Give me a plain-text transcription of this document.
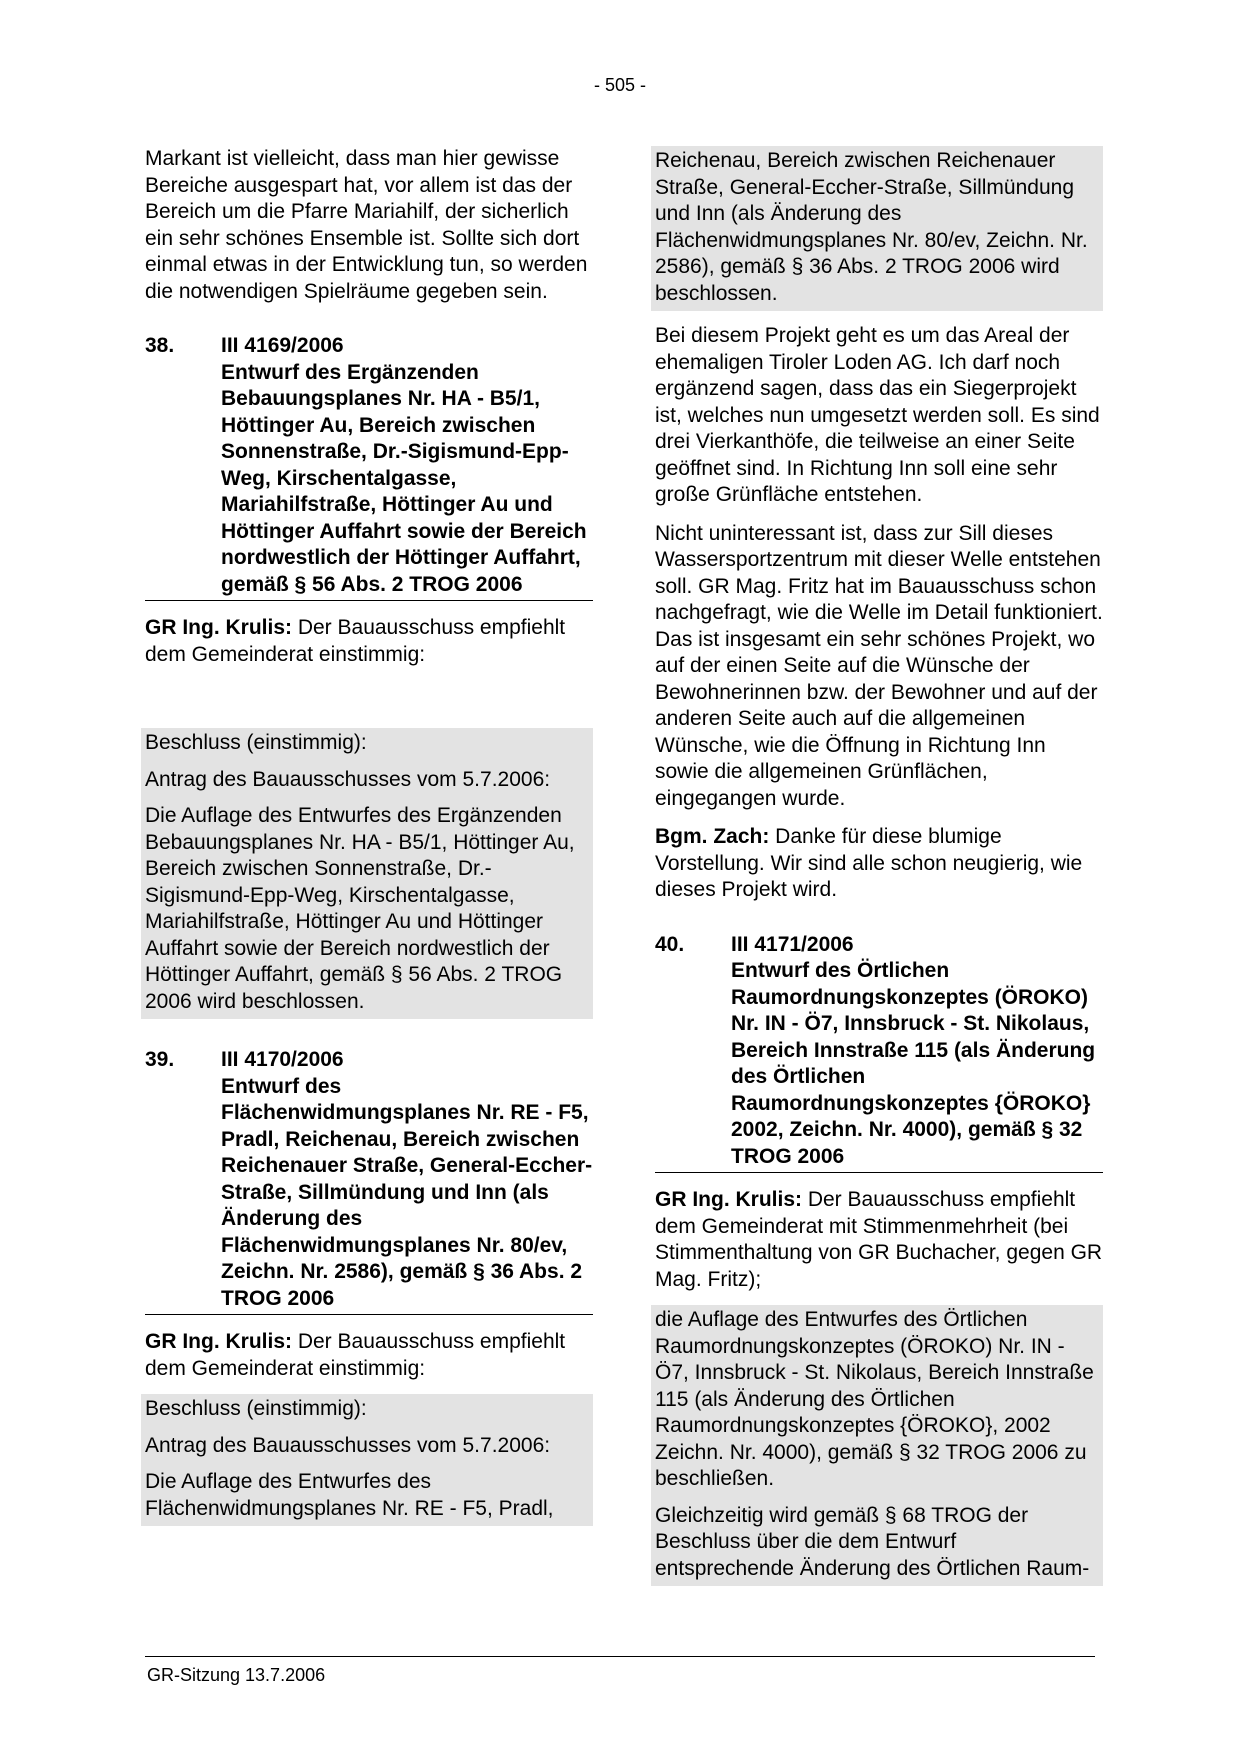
- 505 -

Markant ist vielleicht, dass man hier gewisse Bereiche ausgespart hat, vor allem ist das der Bereich um die Pfarre Mariahilf, der sicherlich ein sehr schönes Ensemble ist. Sollte sich dort einmal etwas in der Entwicklung tun, so werden die notwendigen Spielräume gegeben sein.

38.	III 4169/2006
Entwurf des Ergänzenden Bebauungsplanes Nr. HA - B5/1, Höttinger Au, Bereich zwischen Sonnenstraße, Dr.-Sigismund-Epp-Weg, Kirschentalgasse, Mariahilfstraße, Höttinger Au und Höttinger Auffahrt sowie der Bereich nordwestlich der Höttinger Auffahrt, gemäß § 56 Abs. 2 TROG 2006

GR Ing. Krulis: Der Bauausschuss empfiehlt dem Gemeinderat einstimmig:

Beschluss (einstimmig):

Antrag des Bauausschusses vom 5.7.2006:

Die Auflage des Entwurfes des Ergänzenden Bebauungsplanes Nr. HA - B5/1, Höttinger Au, Bereich zwischen Sonnenstraße, Dr.-Sigismund-Epp-Weg, Kirschentalgasse, Mariahilfstraße, Höttinger Au und Höttinger Auffahrt sowie der Bereich nordwestlich der Höttinger Auffahrt, gemäß § 56 Abs. 2 TROG 2006 wird beschlossen.

39.	III 4170/2006
Entwurf des Flächenwidmungsplanes Nr. RE - F5, Pradl, Reichenau, Bereich zwischen Reichenauer Straße, General-Eccher-Straße, Sillmündung und Inn (als Änderung des Flächenwidmungsplanes Nr. 80/ev, Zeichn. Nr. 2586), gemäß § 36 Abs. 2 TROG 2006

GR Ing. Krulis: Der Bauausschuss empfiehlt dem Gemeinderat einstimmig:

Beschluss (einstimmig):

Antrag des Bauausschusses vom 5.7.2006:

Die Auflage des Entwurfes des Flächenwidmungsplanes Nr. RE - F5, Pradl,

Reichenau, Bereich zwischen Reichenauer Straße, General-Eccher-Straße, Sillmündung und Inn (als Änderung des Flächenwidmungsplanes Nr. 80/ev, Zeichn. Nr. 2586), gemäß § 36 Abs. 2 TROG 2006 wird beschlossen.

Bei diesem Projekt geht es um das Areal der ehemaligen Tiroler Loden AG. Ich darf noch ergänzend sagen, dass das ein Siegerprojekt ist, welches nun umgesetzt werden soll. Es sind drei Vierkanthöfe, die teilweise an einer Seite geöffnet sind. In Richtung Inn soll eine sehr große Grünfläche entstehen.

Nicht uninteressant ist, dass zur Sill dieses Wassersportzentrum mit dieser Welle entstehen soll. GR Mag. Fritz hat im Bauausschuss schon nachgefragt, wie die Welle im Detail funktioniert. Das ist insgesamt ein sehr schönes Projekt, wo auf der einen Seite auf die Wünsche der Bewohnerinnen bzw. der Bewohner und auf der anderen Seite auch auf die allgemeinen Wünsche, wie die Öffnung in Richtung Inn sowie die allgemeinen Grünflächen, eingegangen wurde.

Bgm. Zach: Danke für diese blumige Vorstellung. Wir sind alle schon neugierig, wie dieses Projekt wird.

40.	III 4171/2006
Entwurf des Örtlichen Raumordnungskonzeptes (ÖROKO) Nr. IN - Ö7, Innsbruck - St. Nikolaus, Bereich Innstraße 115 (als Änderung des Örtlichen Raumordnungskonzeptes {ÖROKO} 2002, Zeichn. Nr. 4000), gemäß § 32 TROG 2006

GR Ing. Krulis: Der Bauausschuss empfiehlt dem Gemeinderat mit Stimmenmehrheit (bei Stimmenthaltung von GR Buchacher, gegen GR Mag. Fritz);

die Auflage des Entwurfes des Örtlichen Raumordnungskonzeptes (ÖROKO) Nr. IN - Ö7, Innsbruck - St. Nikolaus, Bereich Innstraße 115 (als Änderung des Örtlichen Raumordnungskonzeptes {ÖROKO}, 2002 Zeichn. Nr. 4000), gemäß § 32 TROG 2006 zu beschließen.

Gleichzeitig wird gemäß § 68 TROG der Beschluss über die dem Entwurf entsprechende Änderung des Örtlichen Raum-

GR-Sitzung 13.7.2006
